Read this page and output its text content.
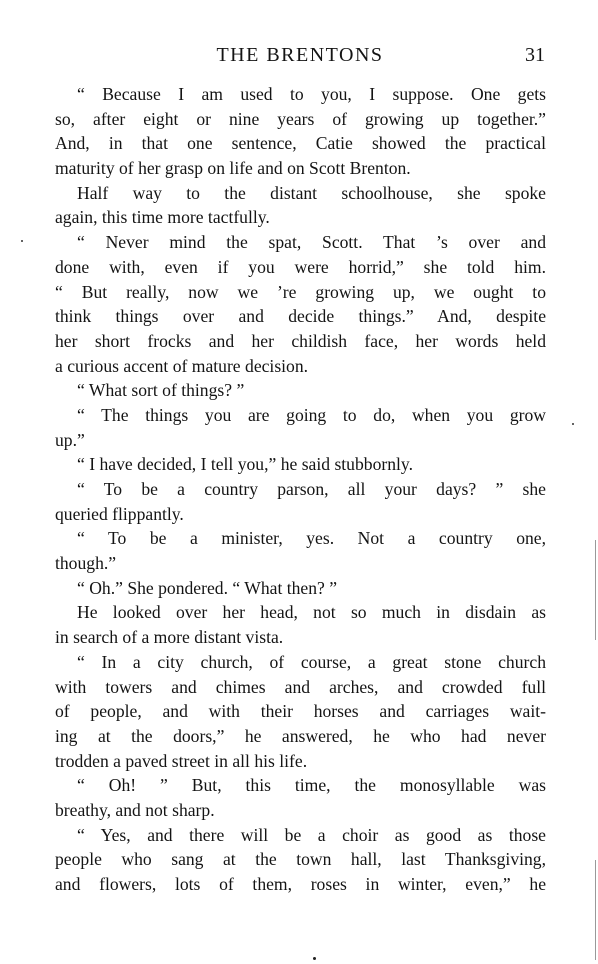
THE BRENTONS	31
“ Because I am used to you, I suppose. One gets
so, after eight or nine years of growing up together.”
And, in that one sentence, Catie showed the practical
maturity of her grasp on life and on Scott Brenton.
Half way to the distant schoolhouse, she spoke
again, this time more tactfully.
“ Never mind the spat, Scott. That ’s over and
done with, even if you were horrid,” she told him.
“ But really, now we ’re growing up, we ought to
think things over and decide things.” And, despite
her short frocks and her childish face, her words held
a curious accent of mature decision.
“ What sort of things? ”
“ The things you are going to do, when you grow
up.”
“ I have decided, I tell you,” he said stubbornly.
“ To be a country parson, all your days? ” she
queried flippantly.
“ To be a minister, yes. Not a country one,
though.”
“ Oh.” She pondered. “ What then? ”
He looked over her head, not so much in disdain as
in search of a more distant vista.
“ In a city church, of course, a great stone church
with towers and chimes and arches, and crowded full
of people, and with their horses and carriages wait-
ing at the doors,” he answered, he who had never
trodden a paved street in all his life.
“ Oh! ” But, this time, the monosyllable was
breathy, and not sharp.
“ Yes, and there will be a choir as good as those
people who sang at the town hall, last Thanksgiving,
and flowers, lots of them, roses in winter, even,” he
